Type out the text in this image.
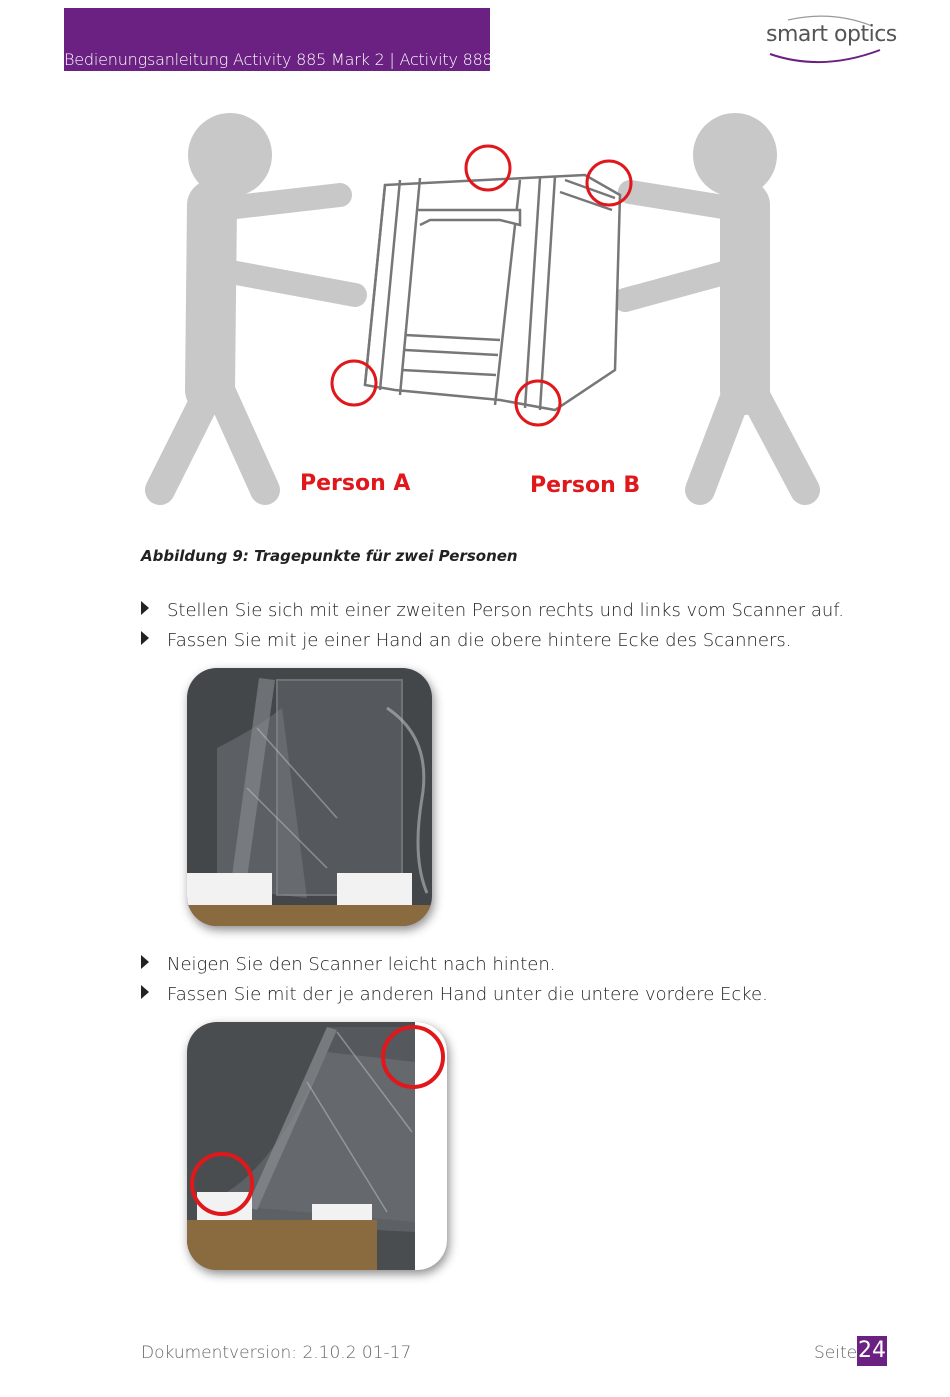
Bedienungsanleitung Activity 885 Mark 2 | Activity 888
smart optics
Person A	Person B
Abbildung 9: Tragepunkte für zwei Personen
Stellen Sie sich mit einer zweiten Person rechts und links vom Scanner auf.
Fassen Sie mit je einer Hand an die obere hintere Ecke des Scanners.
Neigen Sie den Scanner leicht nach hinten.
Fassen Sie mit der je anderen Hand unter die untere vordere Ecke.
Dokumentversion: 2.10.2 01-17	Seite 24
